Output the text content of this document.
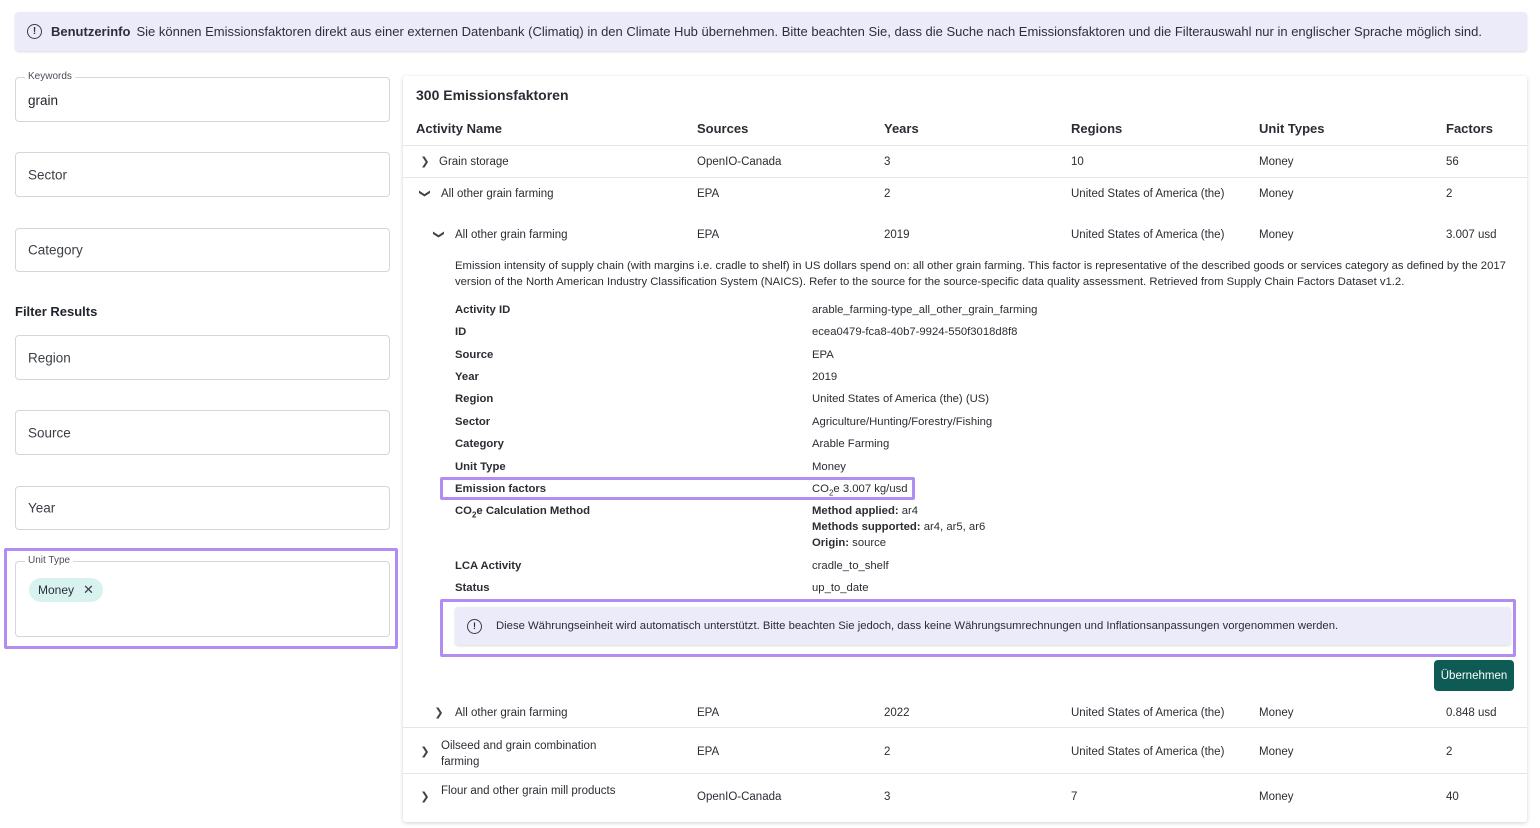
!	Benutzerinfo Sie können Emissionsfaktoren direkt aus einer externen Datenbank (Climatiq) in den Climate Hub übernehmen. Bitte beachten Sie, dass die Suche nach Emissionsfaktoren und die Filterauswahl nur in englischer Sprache möglich sind.
Keywords
grain
Sector
Category
Filter Results
Region
Source
Year
Unit Type
Money ✕
300 Emissionsfaktoren
Activity Name	Sources	Years	Regions	Unit Types	Factors
❯ Grain storage	OpenIO-Canada	3	10	Money	56
❯ All other grain farming	EPA	2	United States of America (the)	Money	2
❯ All other grain farming	EPA	2019	United States of America (the)	Money	3.007 usd
Emission intensity of supply chain (with margins i.e. cradle to shelf) in US dollars spend on: all other grain farming. This factor is representative of the described goods or services category as defined by the 2017 version of the North American Industry Classification System (NAICS). Refer to the source for the source-specific data quality assessment. Retrieved from Supply Chain Factors Dataset v1.2.
Activity ID	arable_farming-type_all_other_grain_farming
ID	ecea0479-fca8-40b7-9924-550f3018d8f8
Source	EPA
Year	2019
Region	United States of America (the) (US)
Sector	Agriculture/Hunting/Forestry/Fishing
Category	Arable Farming
Unit Type	Money
Emission factors	$CO_2e$ 3.007 kg/usd
$CO_2e$ Calculation Method	Method applied: ar4
Methods supported: ar4, ar5, ar6
Origin: source
LCA Activity	cradle_to_shelf
Status	up_to_date
!	Diese Währungseinheit wird automatisch unterstützt. Bitte beachten Sie jedoch, dass keine Währungsumrechnungen und Inflationsanpassungen vorgenommen werden.
Übernehmen
❯ All other grain farming	EPA	2022	United States of America (the)	Money	0.848 usd
❯ Oilseed and grain combination farming
EPA	2	United States of America (the)	Money	2
❯ Flour and other grain mill products	OpenIO-Canada	3	7	Money	40
